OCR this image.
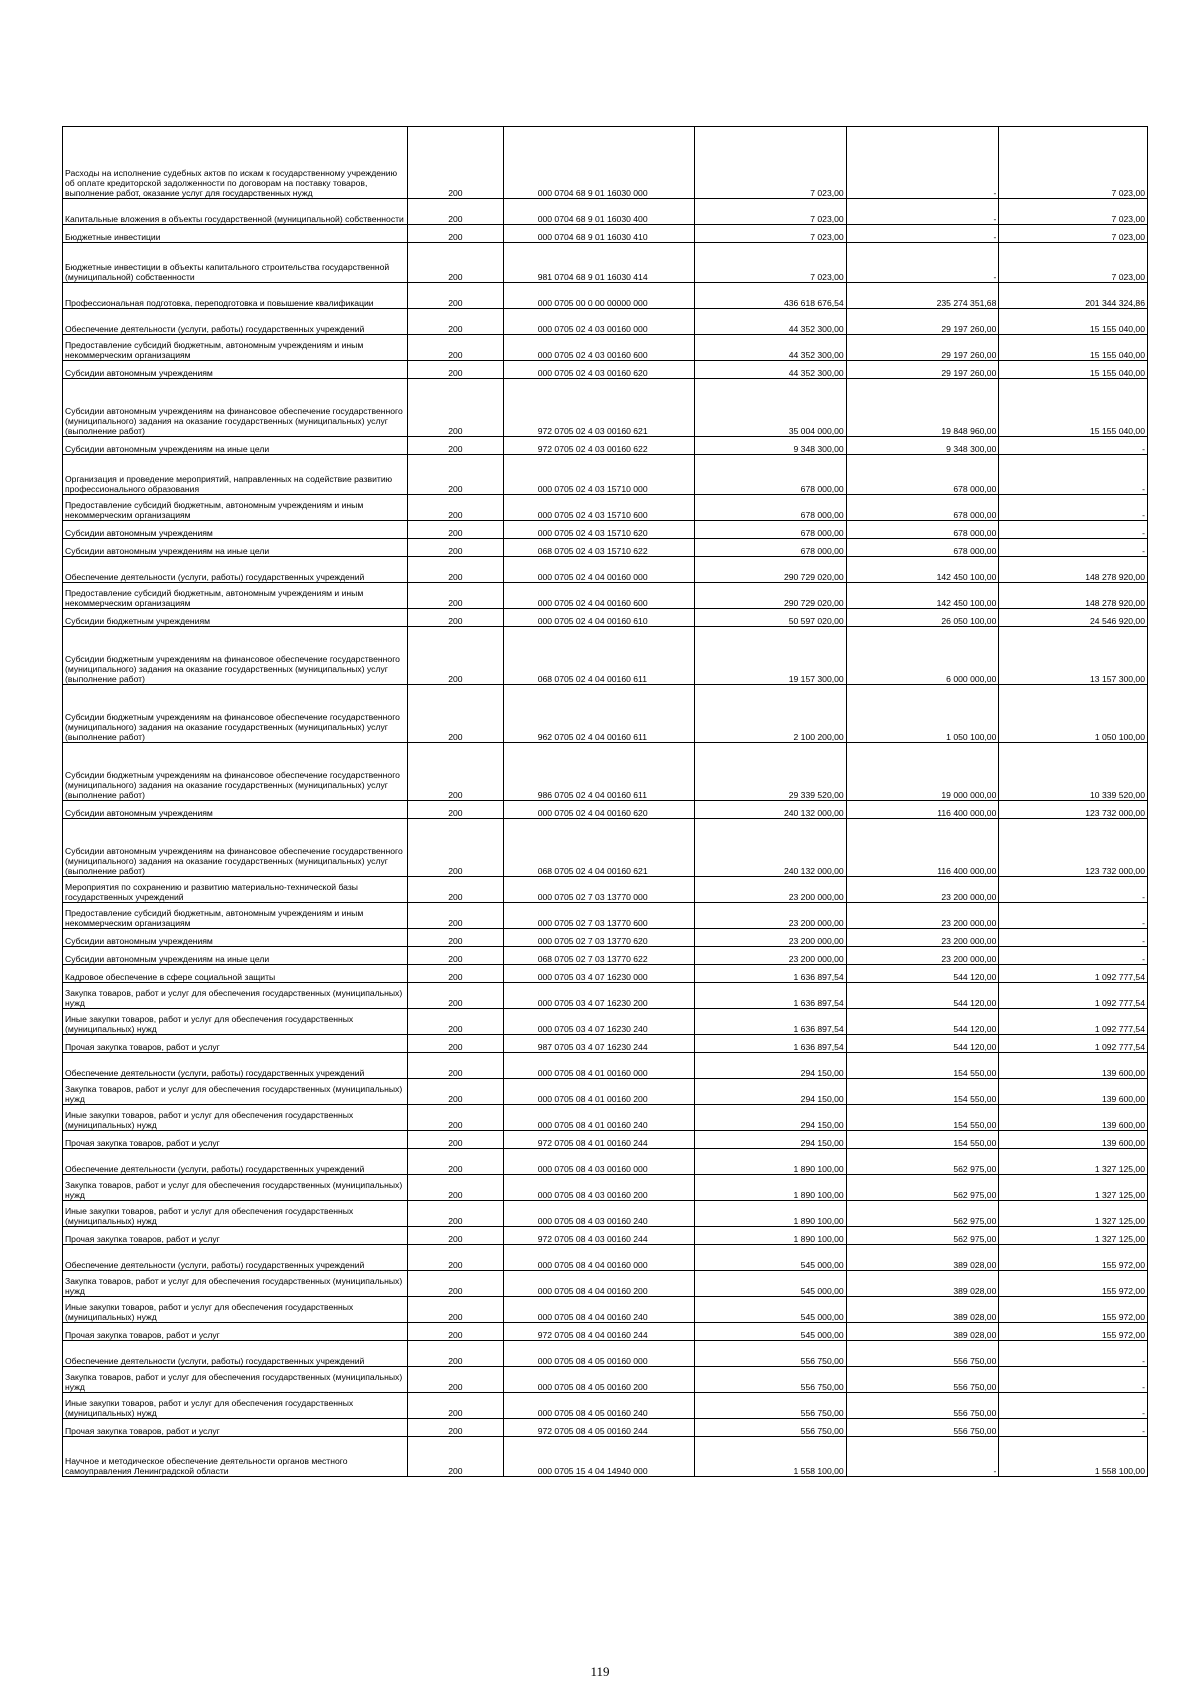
Расходы на исполнение судебных актов по искам к государственному учреждению об оплате кредиторской задолженности по договорам на поставку товаров, выполнение работ, оказание услуг для государственных нужд	200	000 0704 68 9 01 16030 000	7 023,00	-	7 023,00
Капитальные вложения в объекты государственной (муниципальной) собственности	200	000 0704 68 9 01 16030 400	7 023,00	-	7 023,00
Бюджетные инвестиции	200	000 0704 68 9 01 16030 410	7 023,00	-	7 023,00
Бюджетные инвестиции в объекты капитального строительства государственной (муниципальной) собственности	200	981 0704 68 9 01 16030 414	7 023,00	-	7 023,00
Профессиональная подготовка, переподготовка и повышение квалификации	200	000 0705 00 0 00 00000 000	436 618 676,54	235 274 351,68	201 344 324,86
Обеспечение деятельности (услуги, работы) государственных учреждений	200	000 0705 02 4 03 00160 000	44 352 300,00	29 197 260,00	15 155 040,00
Предоставление субсидий бюджетным, автономным учреждениям и иным некоммерческим организациям	200	000 0705 02 4 03 00160 600	44 352 300,00	29 197 260,00	15 155 040,00
Субсидии автономным учреждениям	200	000 0705 02 4 03 00160 620	44 352 300,00	29 197 260,00	15 155 040,00
Субсидии автономным учреждениям на финансовое обеспечение государственного (муниципального) задания на оказание государственных (муниципальных) услуг (выполнение работ)	200	972 0705 02 4 03 00160 621	35 004 000,00	19 848 960,00	15 155 040,00
Субсидии автономным учреждениям на иные цели	200	972 0705 02 4 03 00160 622	9 348 300,00	9 348 300,00	-
Организация и проведение мероприятий, направленных на содействие развитию профессионального образования	200	000 0705 02 4 03 15710 000	678 000,00	678 000,00	-
Предоставление субсидий бюджетным, автономным учреждениям и иным некоммерческим организациям	200	000 0705 02 4 03 15710 600	678 000,00	678 000,00	-
Субсидии автономным учреждениям	200	000 0705 02 4 03 15710 620	678 000,00	678 000,00	-
Субсидии автономным учреждениям на иные цели	200	068 0705 02 4 03 15710 622	678 000,00	678 000,00	-
Обеспечение деятельности (услуги, работы) государственных учреждений	200	000 0705 02 4 04 00160 000	290 729 020,00	142 450 100,00	148 278 920,00
Предоставление субсидий бюджетным, автономным учреждениям и иным некоммерческим организациям	200	000 0705 02 4 04 00160 600	290 729 020,00	142 450 100,00	148 278 920,00
Субсидии бюджетным учреждениям	200	000 0705 02 4 04 00160 610	50 597 020,00	26 050 100,00	24 546 920,00
Субсидии бюджетным учреждениям на финансовое обеспечение государственного (муниципального) задания на оказание государственных (муниципальных) услуг (выполнение работ)	200	068 0705 02 4 04 00160 611	19 157 300,00	6 000 000,00	13 157 300,00
Субсидии бюджетным учреждениям на финансовое обеспечение государственного (муниципального) задания на оказание государственных (муниципальных) услуг (выполнение работ)	200	962 0705 02 4 04 00160 611	2 100 200,00	1 050 100,00	1 050 100,00
Субсидии бюджетным учреждениям на финансовое обеспечение государственного (муниципального) задания на оказание государственных (муниципальных) услуг (выполнение работ)	200	986 0705 02 4 04 00160 611	29 339 520,00	19 000 000,00	10 339 520,00
Субсидии автономным учреждениям	200	000 0705 02 4 04 00160 620	240 132 000,00	116 400 000,00	123 732 000,00
Субсидии автономным учреждениям на финансовое обеспечение государственного (муниципального) задания на оказание государственных (муниципальных) услуг (выполнение работ)	200	068 0705 02 4 04 00160 621	240 132 000,00	116 400 000,00	123 732 000,00
Мероприятия по сохранению и развитию материально-технической базы государственных учреждений	200	000 0705 02 7 03 13770 000	23 200 000,00	23 200 000,00	-
Предоставление субсидий бюджетным, автономным учреждениям и иным некоммерческим организациям	200	000 0705 02 7 03 13770 600	23 200 000,00	23 200 000,00	-
Субсидии автономным учреждениям	200	000 0705 02 7 03 13770 620	23 200 000,00	23 200 000,00	-
Субсидии автономным учреждениям на иные цели	200	068 0705 02 7 03 13770 622	23 200 000,00	23 200 000,00	-
Кадровое обеспечение в сфере социальной защиты	200	000 0705 03 4 07 16230 000	1 636 897,54	544 120,00	1 092 777,54
Закупка товаров, работ и услуг для обеспечения государственных (муниципальных) нужд	200	000 0705 03 4 07 16230 200	1 636 897,54	544 120,00	1 092 777,54
Иные закупки товаров, работ и услуг для обеспечения государственных (муниципальных) нужд	200	000 0705 03 4 07 16230 240	1 636 897,54	544 120,00	1 092 777,54
Прочая закупка товаров, работ и услуг	200	987 0705 03 4 07 16230 244	1 636 897,54	544 120,00	1 092 777,54
Обеспечение деятельности (услуги, работы) государственных учреждений	200	000 0705 08 4 01 00160 000	294 150,00	154 550,00	139 600,00
Закупка товаров, работ и услуг для обеспечения государственных (муниципальных) нужд	200	000 0705 08 4 01 00160 200	294 150,00	154 550,00	139 600,00
Иные закупки товаров, работ и услуг для обеспечения государственных (муниципальных) нужд	200	000 0705 08 4 01 00160 240	294 150,00	154 550,00	139 600,00
Прочая закупка товаров, работ и услуг	200	972 0705 08 4 01 00160 244	294 150,00	154 550,00	139 600,00
Обеспечение деятельности (услуги, работы) государственных учреждений	200	000 0705 08 4 03 00160 000	1 890 100,00	562 975,00	1 327 125,00
Закупка товаров, работ и услуг для обеспечения государственных (муниципальных) нужд	200	000 0705 08 4 03 00160 200	1 890 100,00	562 975,00	1 327 125,00
Иные закупки товаров, работ и услуг для обеспечения государственных (муниципальных) нужд	200	000 0705 08 4 03 00160 240	1 890 100,00	562 975,00	1 327 125,00
Прочая закупка товаров, работ и услуг	200	972 0705 08 4 03 00160 244	1 890 100,00	562 975,00	1 327 125,00
Обеспечение деятельности (услуги, работы) государственных учреждений	200	000 0705 08 4 04 00160 000	545 000,00	389 028,00	155 972,00
Закупка товаров, работ и услуг для обеспечения государственных (муниципальных) нужд	200	000 0705 08 4 04 00160 200	545 000,00	389 028,00	155 972,00
Иные закупки товаров, работ и услуг для обеспечения государственных (муниципальных) нужд	200	000 0705 08 4 04 00160 240	545 000,00	389 028,00	155 972,00
Прочая закупка товаров, работ и услуг	200	972 0705 08 4 04 00160 244	545 000,00	389 028,00	155 972,00
Обеспечение деятельности (услуги, работы) государственных учреждений	200	000 0705 08 4 05 00160 000	556 750,00	556 750,00	-
Закупка товаров, работ и услуг для обеспечения государственных (муниципальных) нужд	200	000 0705 08 4 05 00160 200	556 750,00	556 750,00	-
Иные закупки товаров, работ и услуг для обеспечения государственных (муниципальных) нужд	200	000 0705 08 4 05 00160 240	556 750,00	556 750,00	-
Прочая закупка товаров, работ и услуг	200	972 0705 08 4 05 00160 244	556 750,00	556 750,00	-
Научное и методическое обеспечение деятельности органов местного самоуправления Ленинградской области	200	000 0705 15 4 04 14940 000	1 558 100,00	-	1 558 100,00
119
